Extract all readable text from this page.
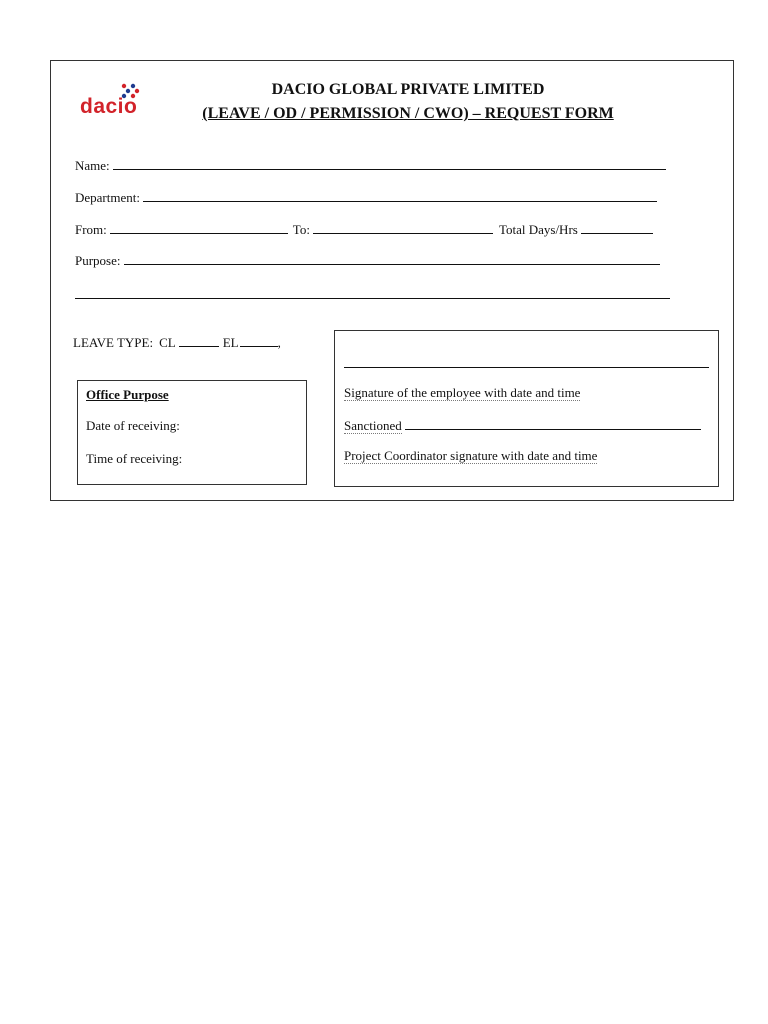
dacio
DACIO GLOBAL PRIVATE LIMITED
(LEAVE / OD / PERMISSION / CWO) – REQUEST FORM
Name:
Department:
From:	To:	Total Days/Hrs
Purpose:
LEAVE TYPE: CL	EL	,
Office Purpose
Date of receiving:
Time of receiving:
Signature of the employee with date and time
Sanctioned
Project Coordinator signature with date and time
